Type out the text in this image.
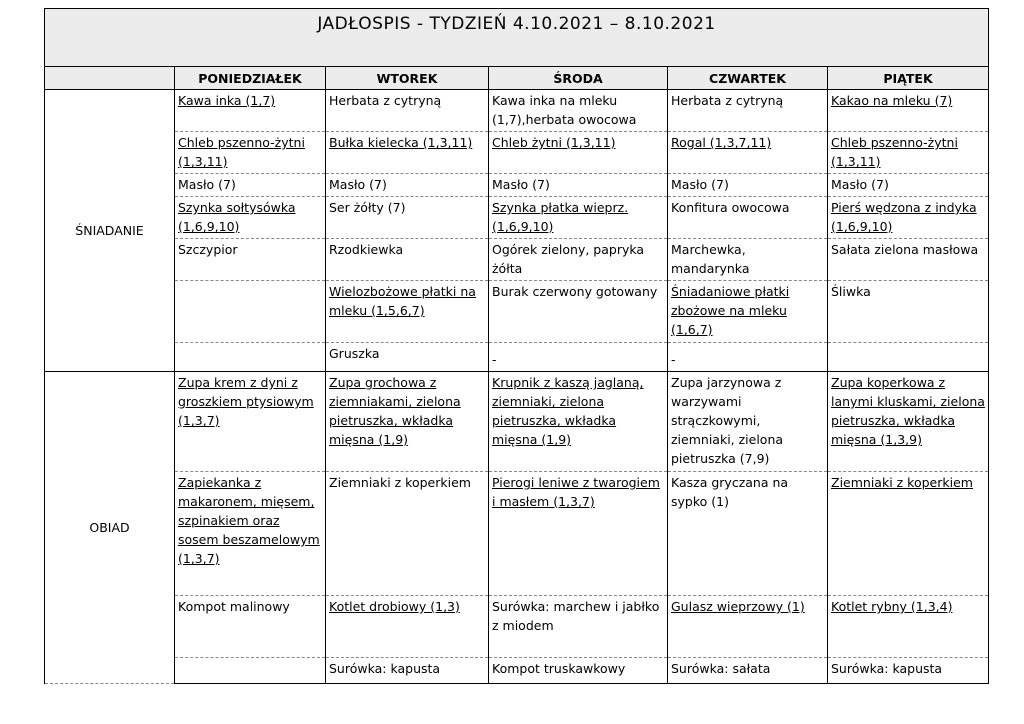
JADŁOSPIS - TYDZIEŃ 4.10.2021 – 8.10.2021					
	PONIEDZIAŁEK	WTOREK	ŚRODA	CZWARTEK	PIĄTEK
ŚNIADANIE	Kawa inka (1,7)	Herbata z cytryną	Kawa inka na mleku (1,7),herbata owocowa	Herbata z cytryną	Kakao na mleku (7)
	Chleb pszenno-żytni (1,3,11)	Bułka kielecka (1,3,11)	Chleb żytni (1,3,11)	Rogal (1,3,7,11)	Chleb pszenno-żytni (1,3,11)
	Masło (7)	Masło (7)	Masło (7)	Masło (7)	Masło (7)
	Szynka sołtysówka (1,6,9,10)	Ser żółty (7)	Szynka płatka wieprz. (1,6,9,10)	Konfitura owocowa	Pierś wędzona z indyka (1,6,9,10)
	Szczypior	Rzodkiewka	Ogórek zielony, papryka żółta	Marchewka, mandarynka	Sałata zielona masłowa
		Wielozbożowe płatki na mleku (1,5,6,7)	Burak czerwony gotowany	Śniadaniowe płatki zbożowe na mleku (1,6,7)	Śliwka
		Gruszka	-	-	
OBIAD	Zupa krem z dyni z groszkiem ptysiowym (1,3,7)	Zupa grochowa z ziemniakami, zielona pietruszka, wkładka mięsna (1,9)	Krupnik z kaszą jaglaną, ziemniaki, zielona pietruszka, wkładka mięsna (1,9)	Zupa jarzynowa z warzywami strączkowymi, ziemniaki, zielona pietruszka (7,9)	Zupa koperkowa z lanymi kluskami, zielona pietruszka, wkładka mięsna (1,3,9)
	Zapiekanka z makaronem, mięsem, szpinakiem oraz sosem beszamelowym (1,3,7)	Ziemniaki z koperkiem	Pierogi leniwe z twarogiem i masłem (1,3,7)	Kasza gryczana na sypko (1)	Ziemniaki z koperkiem
	Kompot malinowy	Kotlet drobiowy (1,3)	Surówka: marchew i jabłko z miodem	Gulasz wieprzowy (1)	Kotlet rybny (1,3,4)
		Surówka: kapusta	Kompot truskawkowy	Surówka: sałata	Surówka: kapusta
